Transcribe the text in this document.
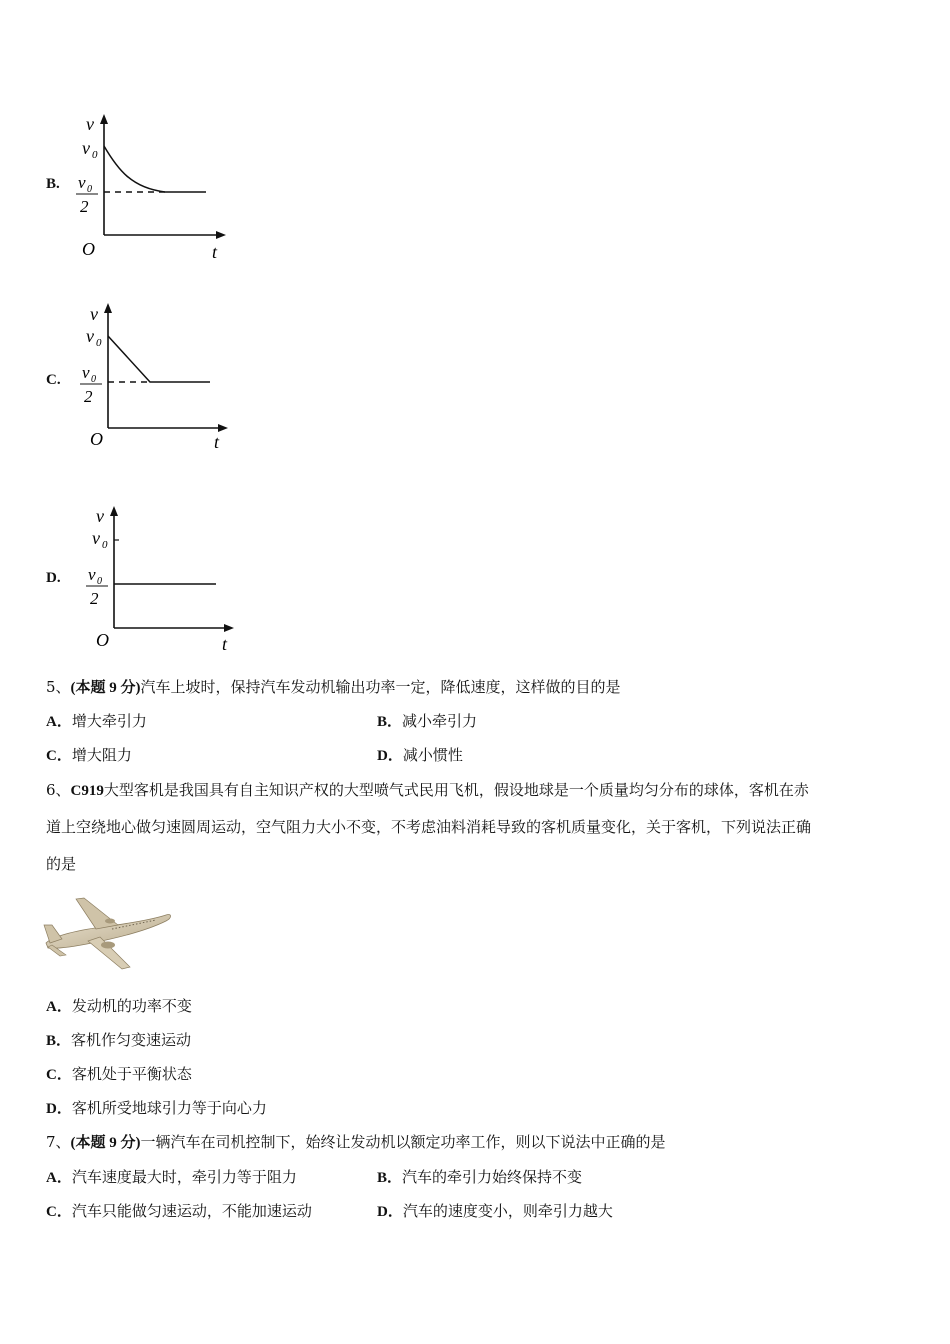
B.
v
v 0
v 0
2
O	t
C.
v
v 0
v 0
2
O	t
D.
v
v 0
v 0
2
O	t
5、(本题 9 分)汽车上坡时，保持汽车发动机输出功率一定，降低速度，这样做的目的是
A．增大牵引力	B．减小牵引力
C．增大阻力	D．减小惯性
6、C919大型客机是我国具有自主知识产权的大型喷气式民用飞机，假设地球是一个质量均匀分布的球体，客机在赤
道上空绕地心做匀速圆周运动，空气阻力大小不变，不考虑油料消耗导致的客机质量变化，关于客机，下列说法正确
的是
A．发动机的功率不变
B．客机作匀变速运动
C．客机处于平衡状态
D．客机所受地球引力等于向心力
7、(本题 9 分)一辆汽车在司机控制下，始终让发动机以额定功率工作，则以下说法中正确的是
A．汽车速度最大时，牵引力等于阻力	B．汽车的牵引力始终保持不变
C．汽车只能做匀速运动，不能加速运动	D．汽车的速度变小，则牵引力越大
